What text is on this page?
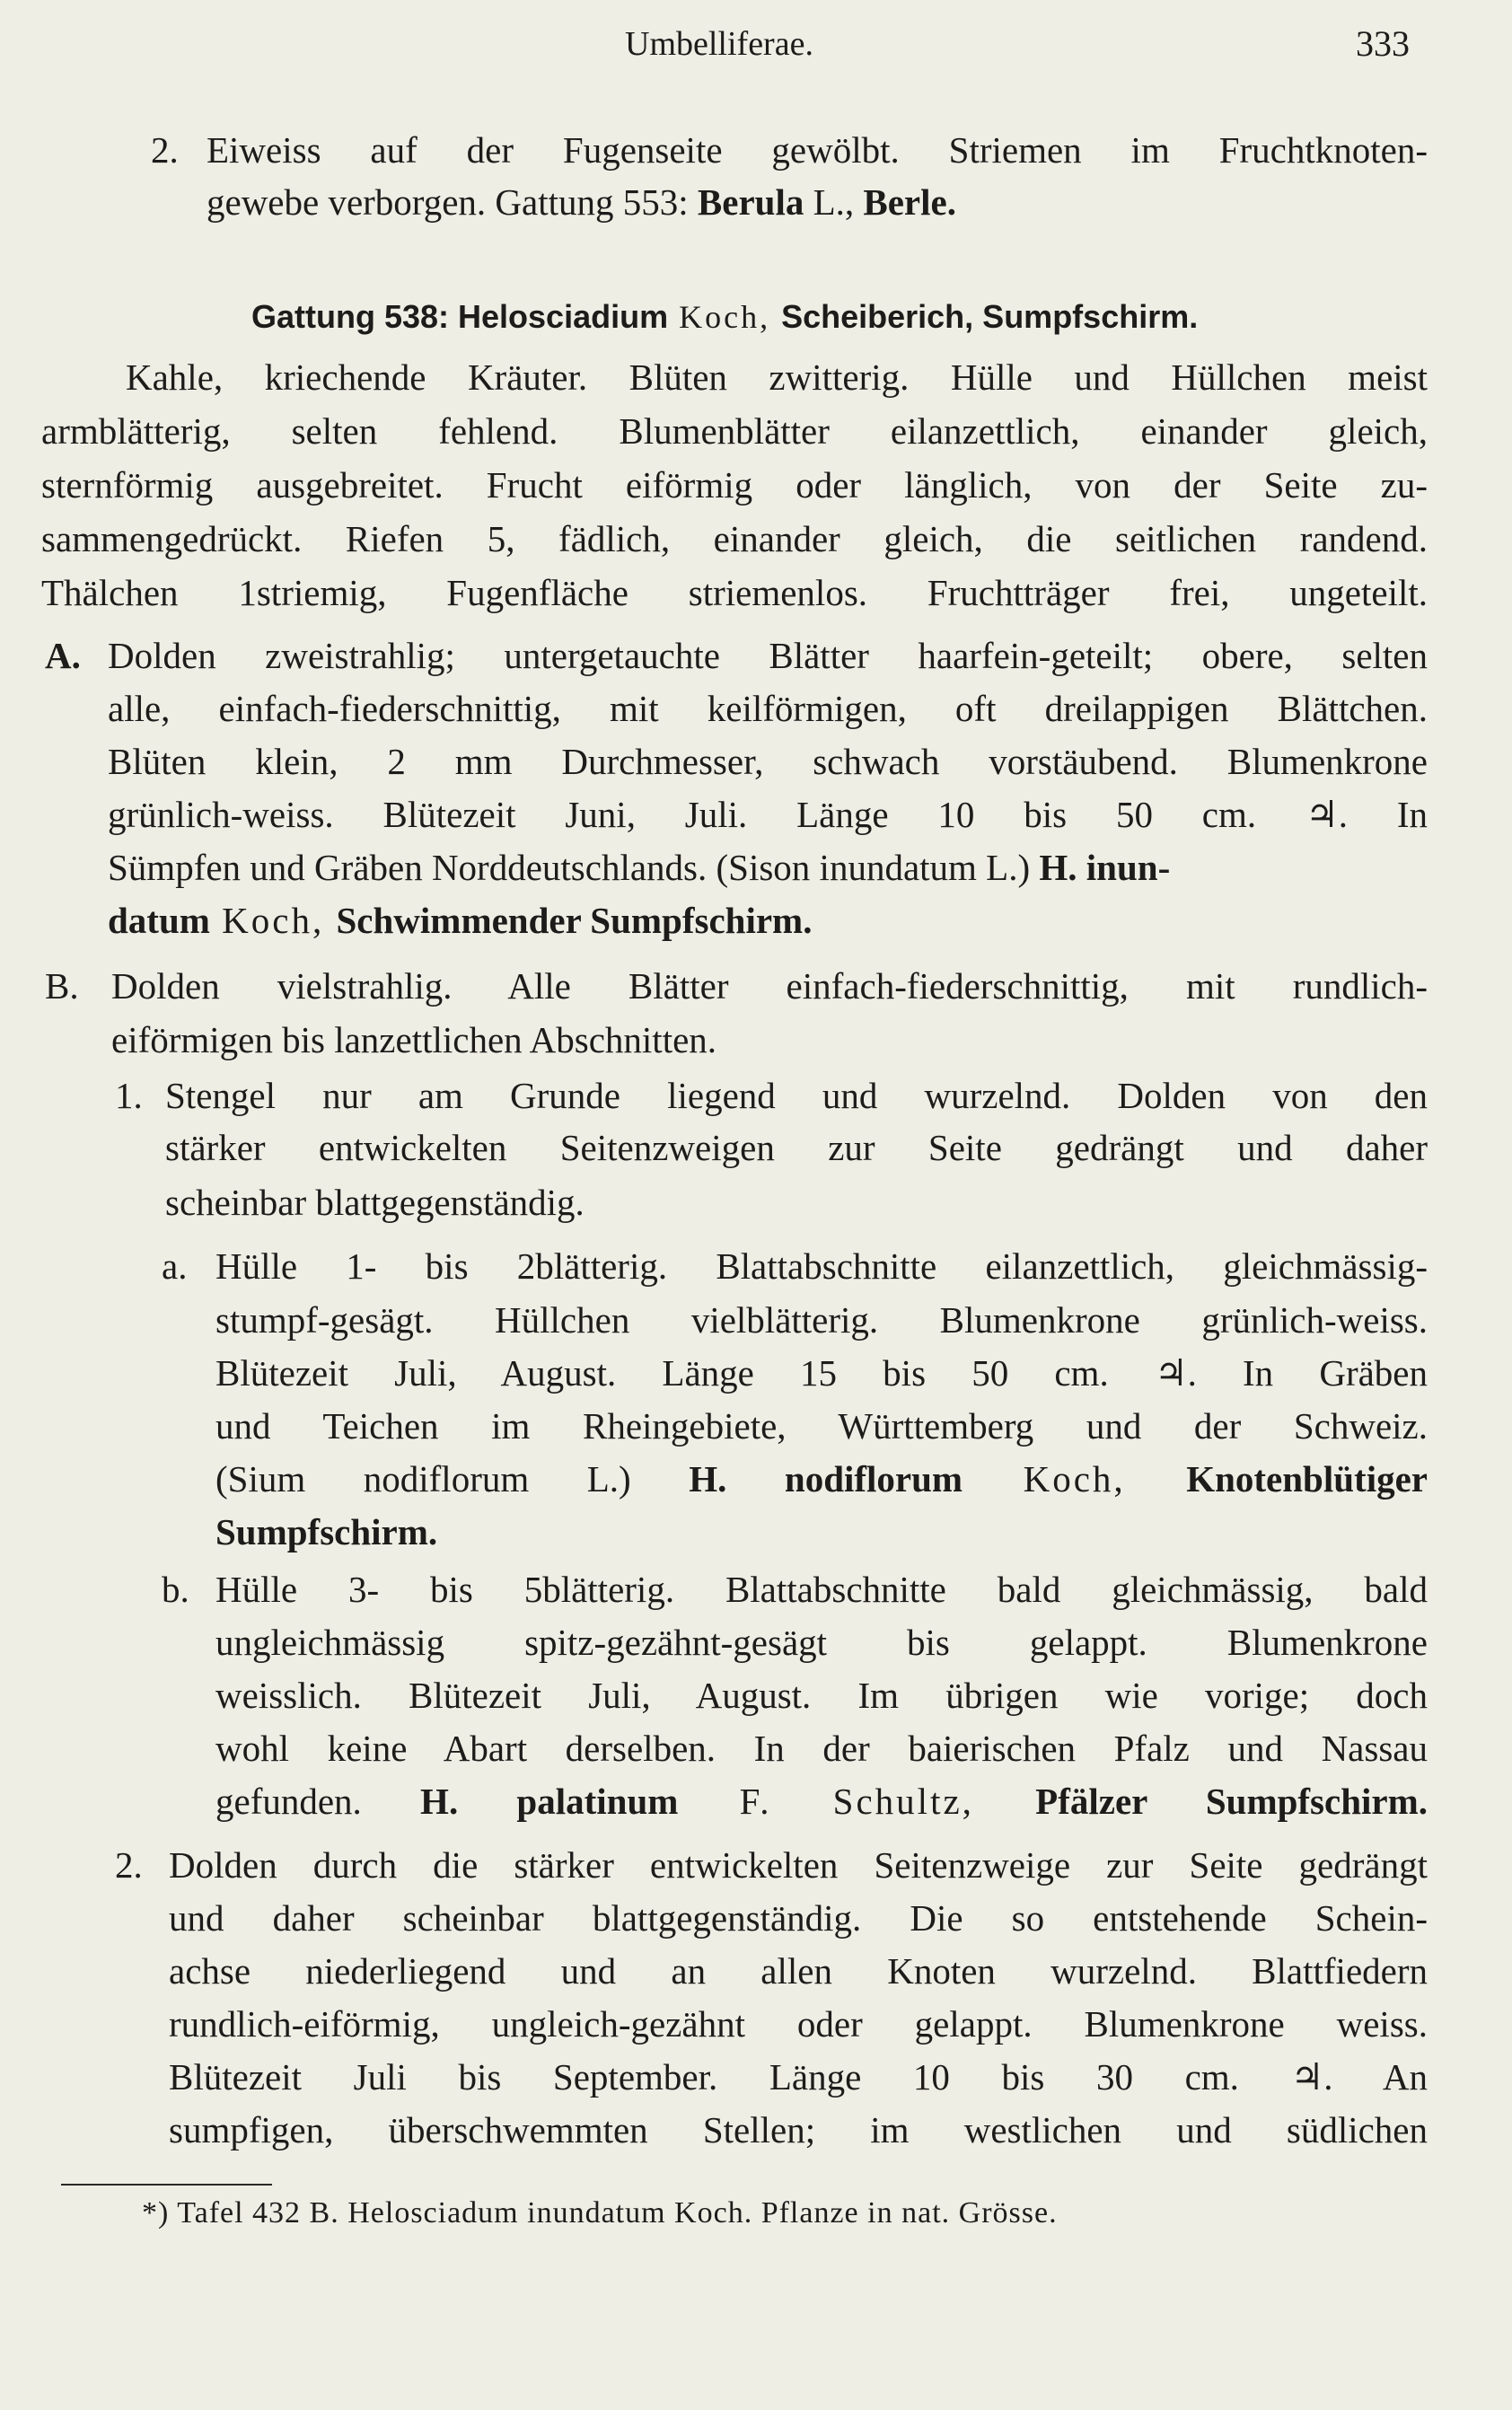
Umbelliferae.	333
2. Eiweiss auf der Fugenseite gewölbt. Striemen im Fruchtknoten-
gewebe verborgen. Gattung 553: Berula L., Berle.
Gattung 538: Helosciadium Koch, Scheiberich, Sumpfschirm.
Kahle, kriechende Kräuter. Blüten zwitterig. Hülle und Hüllchen meist
armblätterig, selten fehlend. Blumenblätter eilanzettlich, einander gleich,
sternförmig ausgebreitet. Frucht eiförmig oder länglich, von der Seite zu-
sammengedrückt. Riefen 5, fädlich, einander gleich, die seitlichen randend.
Thälchen 1striemig, Fugenfläche striemenlos. Fruchtträger frei, ungeteilt.
A. Dolden zweistrahlig; untergetauchte Blätter haarfein-geteilt; obere, selten
alle, einfach-fiederschnittig, mit keilförmigen, oft dreilappigen Blättchen.
Blüten klein, 2 mm Durchmesser, schwach vorstäubend. Blumenkrone
grünlich-weiss. Blütezeit Juni, Juli. Länge 10 bis 50 cm. ♃. In
Sümpfen und Gräben Norddeutschlands. (Sison inundatum L.) H. inun-
datum Koch, Schwimmender Sumpfschirm.
B. Dolden vielstrahlig. Alle Blätter einfach-fiederschnittig, mit rundlich-
eiförmigen bis lanzettlichen Abschnitten.
1. Stengel nur am Grunde liegend und wurzelnd. Dolden von den
stärker entwickelten Seitenzweigen zur Seite gedrängt und daher
scheinbar blattgegenständig.
a. Hülle 1- bis 2blätterig. Blattabschnitte eilanzettlich, gleichmässig-
stumpf-gesägt. Hüllchen vielblätterig. Blumenkrone grünlich-weiss.
Blütezeit Juli, August. Länge 15 bis 50 cm. ♃. In Gräben
und Teichen im Rheingebiete, Württemberg und der Schweiz.
(Sium nodiflorum L.) H. nodiflorum Koch, Knotenblütiger
Sumpfschirm.
b. Hülle 3- bis 5blätterig. Blattabschnitte bald gleichmässig, bald
ungleichmässig spitz-gezähnt-gesägt bis gelappt. Blumenkrone
weisslich. Blütezeit Juli, August. Im übrigen wie vorige; doch
wohl keine Abart derselben. In der baierischen Pfalz und Nassau
gefunden. H. palatinum F. Schultz, Pfälzer Sumpfschirm.
2. Dolden durch die stärker entwickelten Seitenzweige zur Seite gedrängt
und daher scheinbar blattgegenständig. Die so entstehende Schein-
achse niederliegend und an allen Knoten wurzelnd. Blattfiedern
rundlich-eiförmig, ungleich-gezähnt oder gelappt. Blumenkrone weiss.
Blütezeit Juli bis September. Länge 10 bis 30 cm. ♃. An
sumpfigen, überschwemmten Stellen; im westlichen und südlichen
*) Tafel 432 B. Helosciadum inundatum Koch. Pflanze in nat. Grösse.
